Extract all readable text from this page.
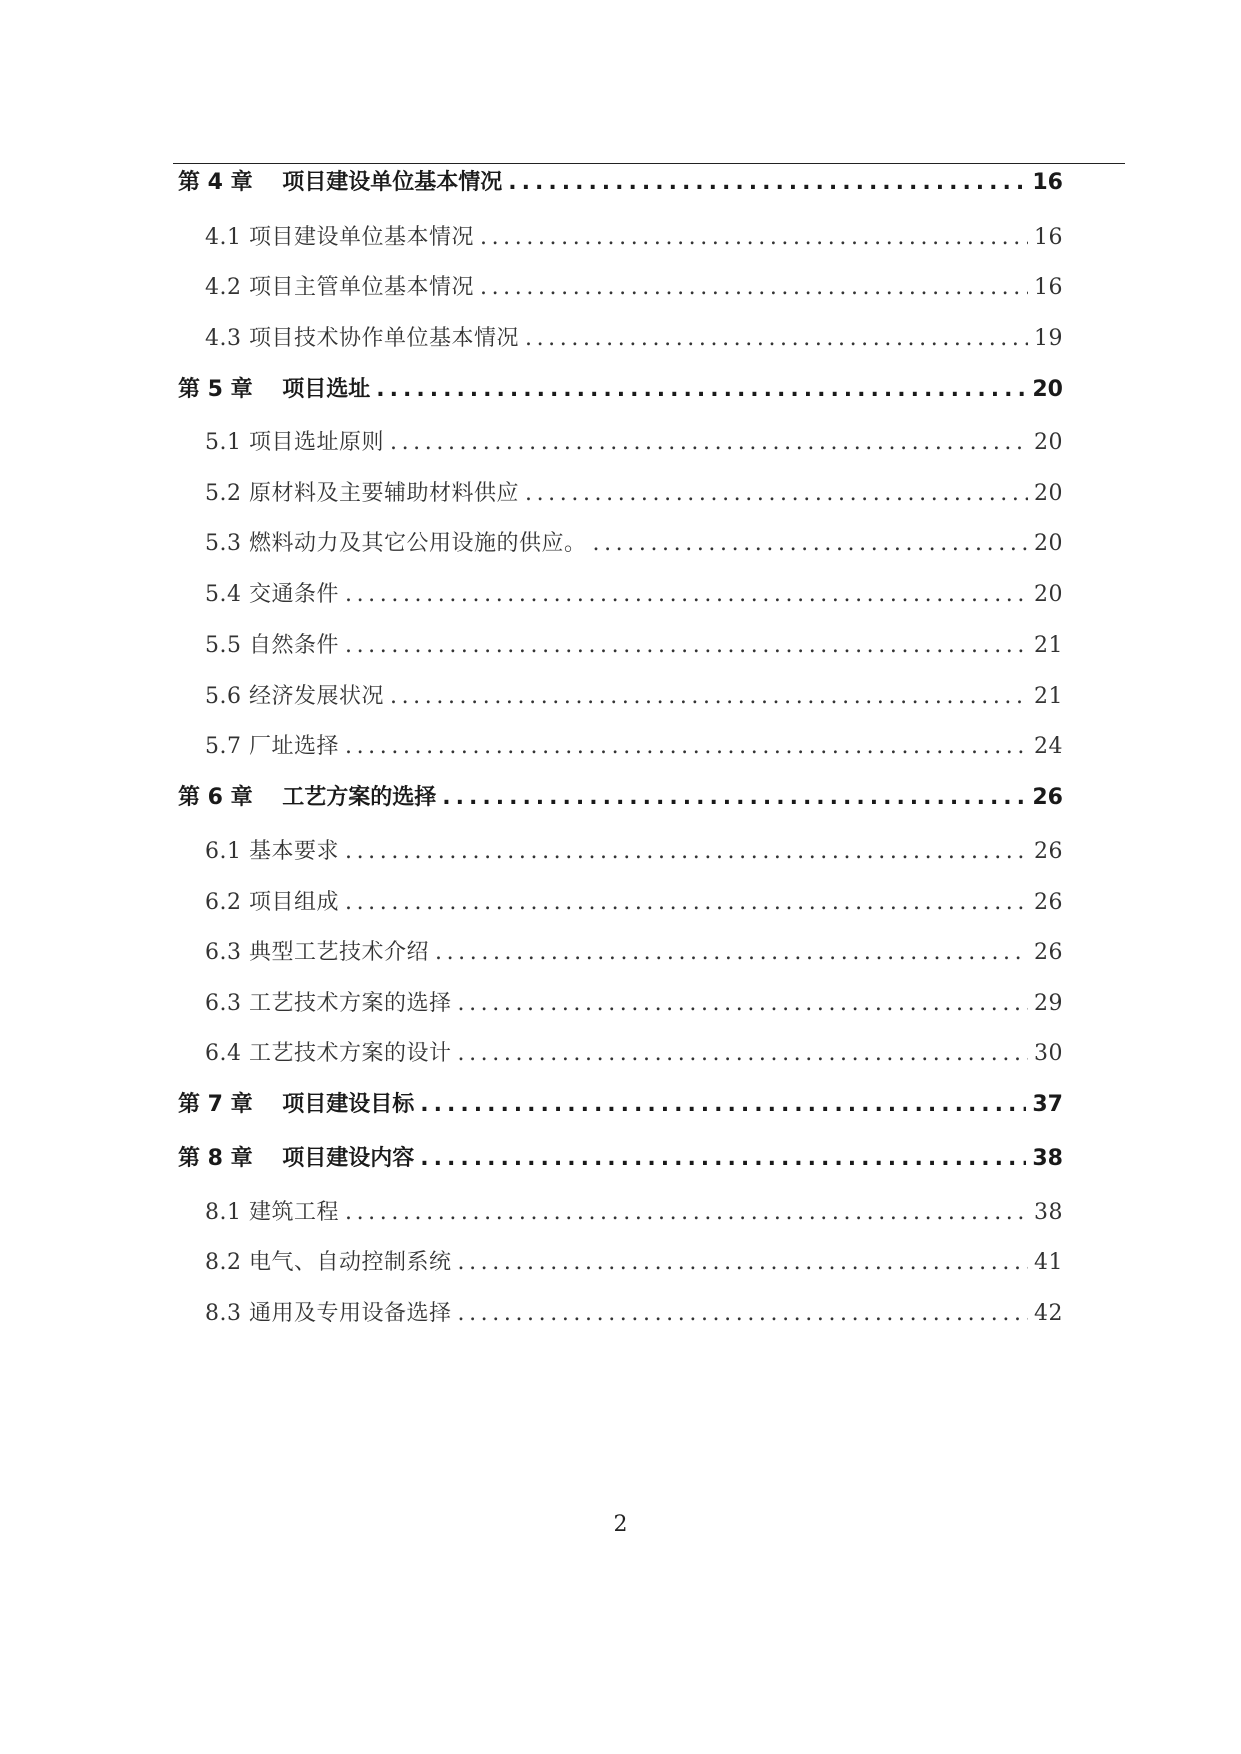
第 4 章　 项目建设单位基本情况 .....	16
4.1 项目建设单位基本情况 .....	16
4.2 项目主管单位基本情况 .....	16
4.3 项目技术协作单位基本情况 .....	19
第 5 章　 项目选址 .....	20
5.1 项目选址原则 .....	20
5.2 原材料及主要辅助材料供应 .....	20
5.3 燃料动力及其它公用设施的供应。 .....	20
5.4 交通条件 .....	20
5.5 自然条件 .....	21
5.6 经济发展状况 .....	21
5.7 厂址选择 .....	24
第 6 章　 工艺方案的选择 .....	26
6.1 基本要求 .....	26
6.2 项目组成 .....	26
6.3 典型工艺技术介绍 .....	26
6.3 工艺技术方案的选择 .....	29
6.4 工艺技术方案的设计 .....	30
第 7 章　 项目建设目标 .....	37
第 8 章　 项目建设内容 .....	38
8.1 建筑工程 .....	38
8.2 电气、自动控制系统 .....	41
8.3 通用及专用设备选择 .....	42
2
